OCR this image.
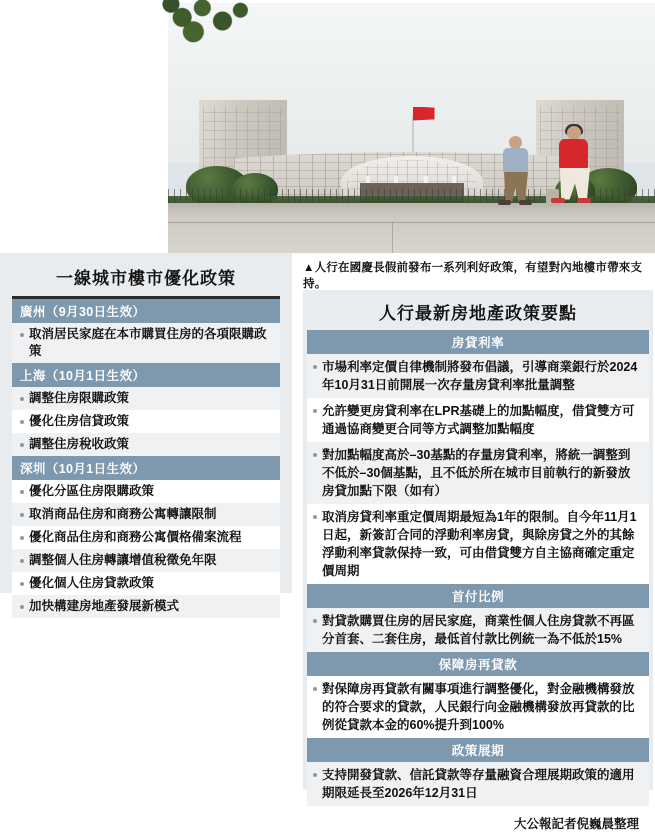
▲人行在國慶長假前發布一系列利好政策，有望對內地樓市帶來支持。
一線城市樓市優化政策
廣州（9月30日生效）
取消居民家庭在本市購買住房的各項限購政策
上海（10月1日生效）
調整住房限購政策
優化住房信貸政策
調整住房稅收政策
深圳（10月1日生效）
優化分區住房限購政策
取消商品住房和商務公寓轉讓限制
優化商品住房和商務公寓價格備案流程
調整個人住房轉讓增值稅徵免年限
優化個人住房貸款政策
加快構建房地產發展新模式
人行最新房地產政策要點
房貸利率
市場利率定價自律機制將發布倡議，引導商業銀行於2024年10月31日前開展一次存量房貸利率批量調整
允許變更房貸利率在LPR基礎上的加點幅度，借貸雙方可通過協商變更合同等方式調整加點幅度
對加點幅度高於–30基點的存量房貸利率，將統一調整到不低於–30個基點，且不低於所在城市目前執行的新發放房貸加點下限（如有）
取消房貸利率重定價周期最短為1年的限制。自今年11月1日起，新簽訂合同的浮動利率房貸，與除房貸之外的其餘浮動利率貸款保持一致，可由借貸雙方自主協商確定重定價周期
首付比例
對貸款購買住房的居民家庭，商業性個人住房貸款不再區分首套、二套住房，最低首付款比例統一為不低於15%
保障房再貸款
對保障房再貸款有關事項進行調整優化，對金融機構發放的符合要求的貸款，人民銀行向金融機構發放再貸款的比例從貸款本金的60%提升到100%
政策展期
支持開發貸款、信託貸款等存量融資合理展期政策的適用期限延長至2026年12月31日
大公報記者倪巍晨整理
